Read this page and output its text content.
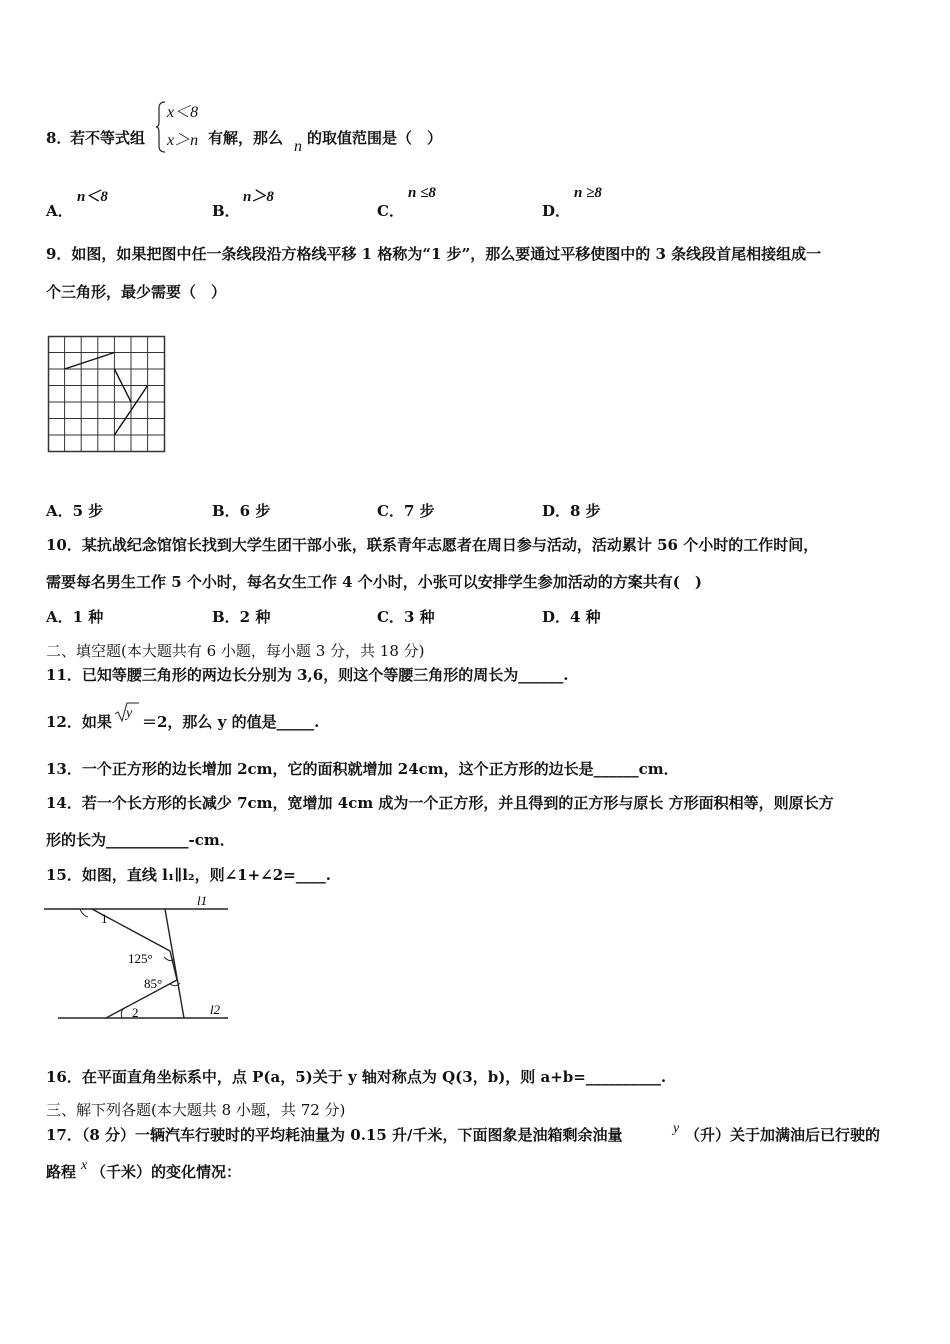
8．
若不等式组
x＜8
x＞n 有解，那么 n 的取值范围是（　）
A．
n＜8
B．
n＞8
C．
n ≤8
D．
n ≥8
9．如图，如果把图中任一条线段沿方格线平移 1 格称为“1 步”，那么要通过平移使图中的 3 条线段首尾相接组成一
个三角形，最少需要（　）
A．5 步	B．6 步	C．7 步	D．8 步
10．某抗战纪念馆馆长找到大学生团干部小张，联系青年志愿者在周日参与活动，活动累计 56 个小时的工作时间，
需要每名男生工作 5 个小时，每名女生工作 4 个小时，小张可以安排学生参加活动的方案共有(　)
A．1 种	B．2 种	C．3 种	D．4 种
二、填空题(本大题共有 6 小题，每小题 3 分，共 18 分)
11．已知等腰三角形的两边长分别为 3,6，则这个等腰三角形的周长为______.
12．如果 y ＝2，那么 y 的值是_____.
13．一个正方形的边长增加 2cm，它的面积就增加 24cm，这个正方形的边长是______cm．
14．若一个长方形的长减少 7cm，宽增加 4cm 成为一个正方形，并且得到的正方形与原长 方形面积相等，则原长方
形的长为___________-cm．
15．如图，直线 l₁∥l₂，则∠1+∠2=____.
1
125°
85°
2
l1
l2
16．在平面直角坐标系中，点 P(a，5)关于 y 轴对称点为 Q(3，b)，则 a+b=__________.
三、解下列各题(本大题共 8 小题，共 72 分)
17．（8 分）一辆汽车行驶时的平均耗油量为 0.15 升/千米，下面图象是油箱剩余油量	y （升）关于加满油后已行驶的
路程 x （千米）的变化情况：
